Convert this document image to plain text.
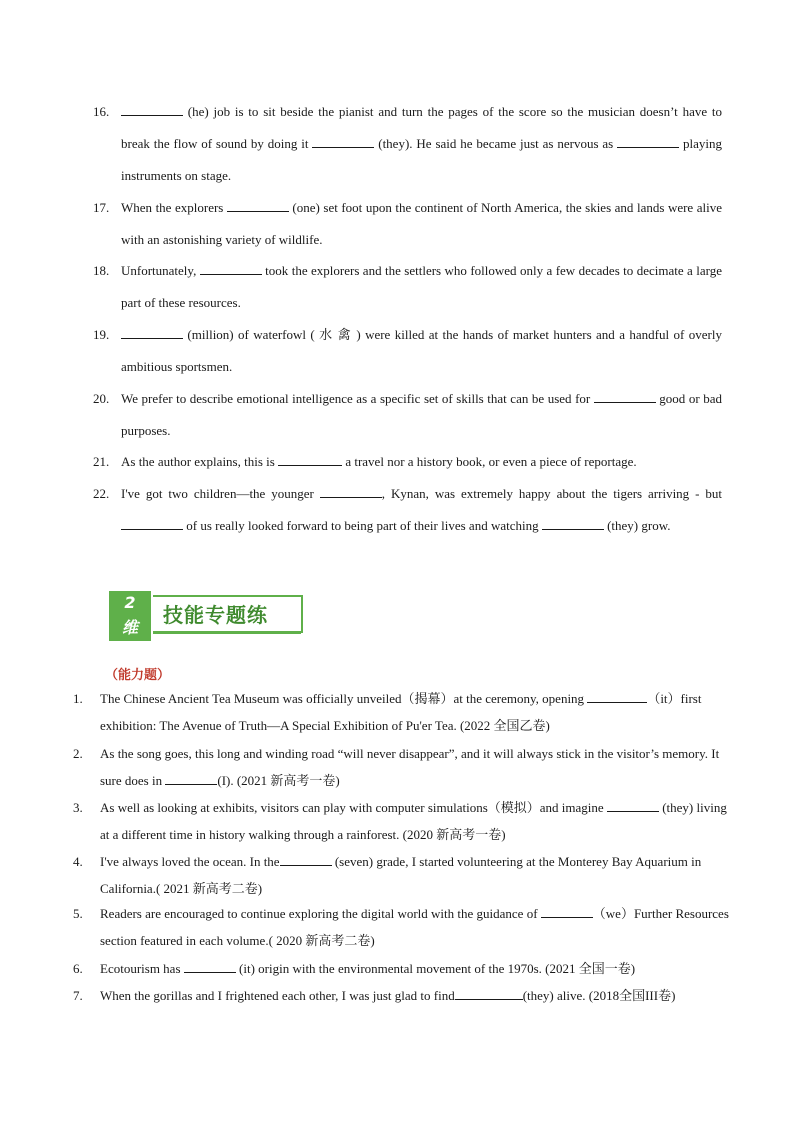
16.	(he) job is to sit beside the pianist and turn the pages of the score so the musician doesn’t have to break the flow of sound by doing it	(they). He said he became just as nervous as	playing instruments on stage.
17. When the explorers	(one) set foot upon the continent of North America, the skies and lands were alive with an astonishing variety of wildlife.
18. Unfortunately,	took the explorers and the settlers who followed only a few decades to decimate a large part of these resources.
19.	(million) of waterfowl ( 水 禽 ) were killed at the hands of market hunters and a handful of overly ambitious sportsmen.
20. We prefer to describe emotional intelligence as a specific set of skills that can be used for	good or bad purposes.
21. As the author explains, this is	a travel nor a history book, or even a piece of reportage.
22. I've got two children—the younger	, Kynan, was extremely happy about the tigers arriving - but  of us really looked forward to being part of their lives and watching	(they) grow.
2
维
技能专题练
（能力题）
1. The Chinese Ancient Tea Museum was officially unveiled（揭幕）at the ceremony, opening	（it）first exhibition: The Avenue of Truth—A Special Exhibition of Pu'er Tea. (2022 全国乙卷)
2. As the song goes, this long and winding road “will never disappear”, and it will always stick in the visitor’s memory. It sure does in	(I). (2021 新高考一卷)
3. As well as looking at exhibits, visitors can play with computer simulations（模拟）and imagine	(they) living at a different time in history walking through a rainforest. (2020 新高考一卷)
4. I've always loved the ocean. In the	(seven) grade, I started volunteering at the Monterey Bay Aquarium in California.( 2021 新高考二卷)
5. Readers are encouraged to continue exploring the digital world with the guidance of	（we）Further Resources section featured in each volume.( 2020 新高考二卷)
6. Ecotourism has	(it) origin with the environmental movement of the 1970s. (2021 全国一卷)
7. When the gorillas and I frightened each other, I was just glad to find	(they) alive. (2018全国III卷)
